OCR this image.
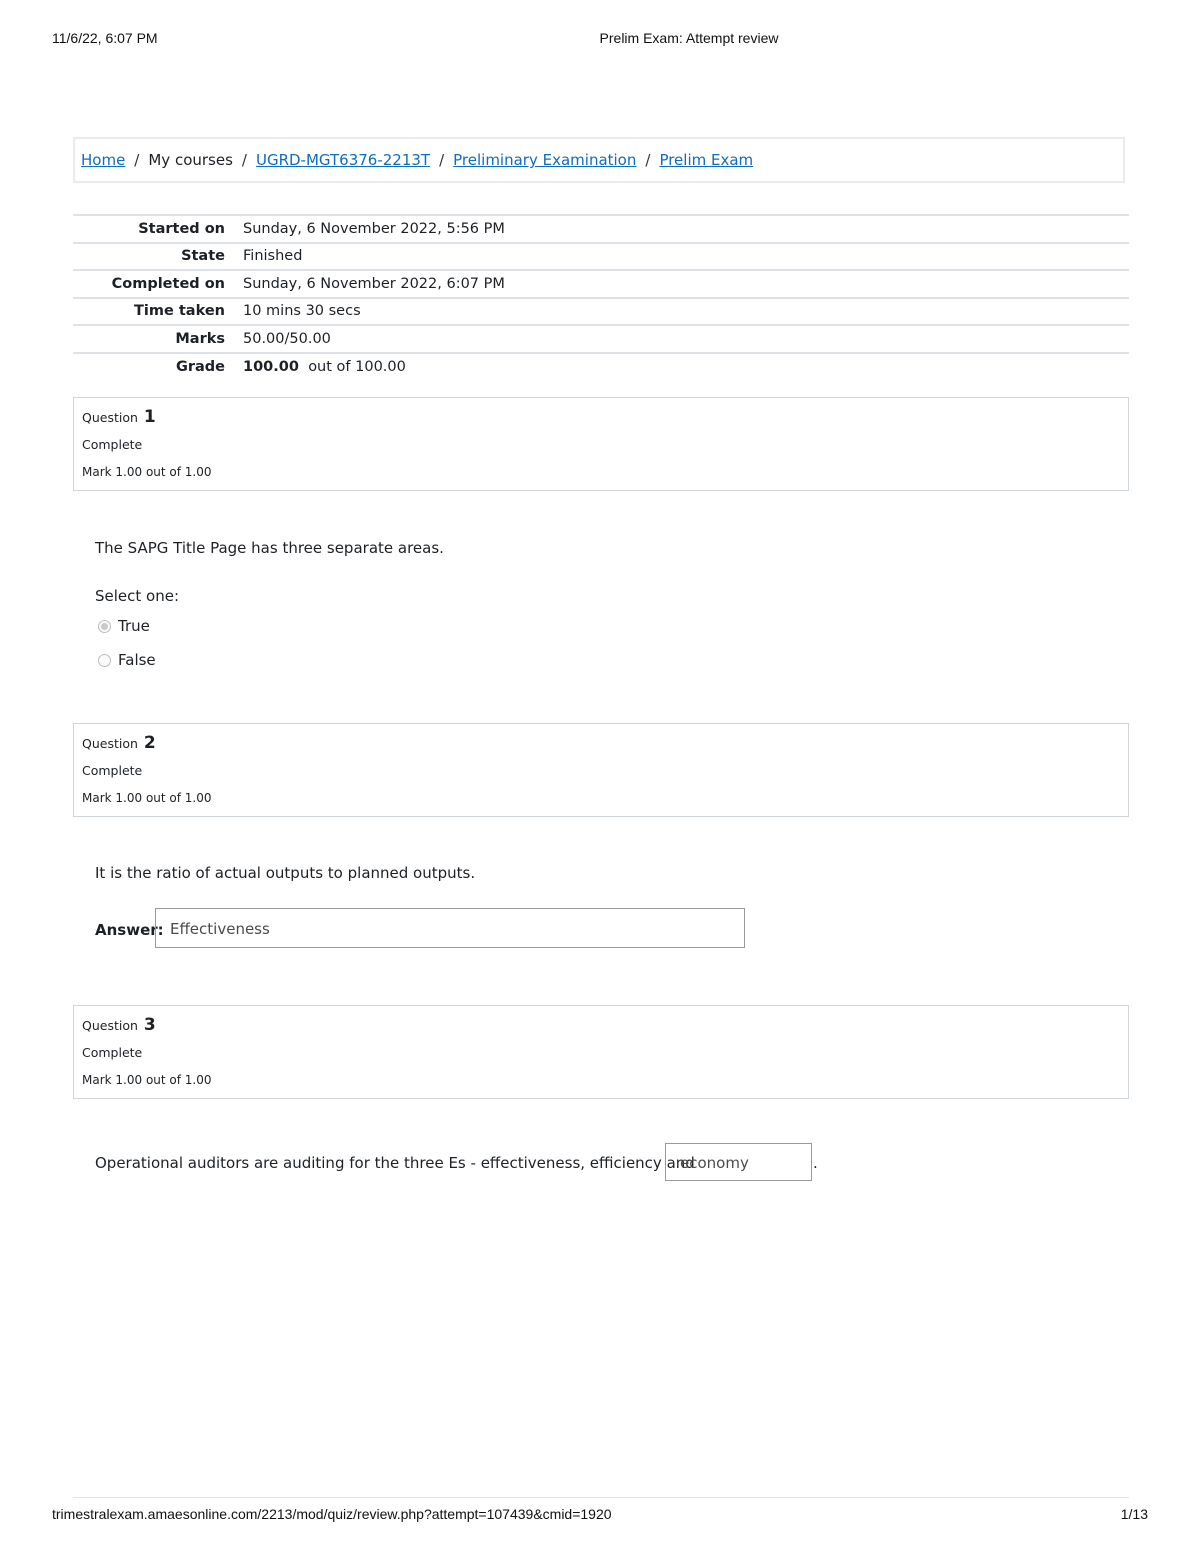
11/6/22, 6:07 PM	Prelim Exam: Attempt review
Home / My courses / UGRD-MGT6376-2213T / Preliminary Examination / Prelim Exam
Started on	Sunday, 6 November 2022, 5:56 PM
State	Finished
Completed on	Sunday, 6 November 2022, 6:07 PM
Time taken	10 mins 30 secs
Marks	50.00/50.00
Grade	100.00 out of 100.00
Question 1
Complete
Mark 1.00 out of 1.00
The SAPG Title Page has three separate areas.
Select one:
True
False
Question 2
Complete
Mark 1.00 out of 1.00
It is the ratio of actual outputs to planned outputs.
Answer: Effectiveness
Question 3
Complete
Mark 1.00 out of 1.00
Operational auditors are auditing for the three Es - effectiveness, efficiency and
economy	.
trimestralexam.amaesonline.com/2213/mod/quiz/review.php?attempt=107439&cmid=1920	1/13
